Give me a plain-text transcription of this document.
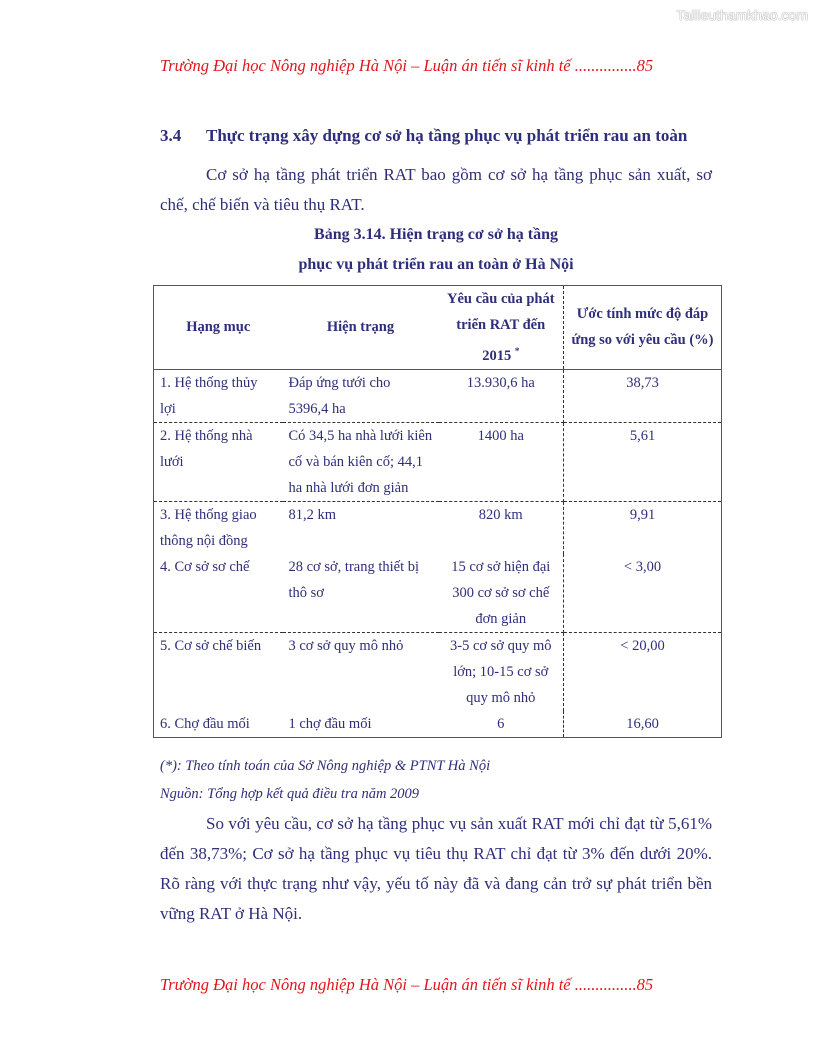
Tailieuthamkhao.com
Trường Đại học Nông nghiệp Hà Nội – Luận án tiến sĩ kinh tế ...............85
3.4 Thực trạng xây dựng cơ sở hạ tầng phục vụ phát triển rau an toàn
Cơ sở hạ tầng phát triển RAT bao gồm cơ sở hạ tầng phục sản xuất, sơ chế, chế biến và tiêu thụ RAT.
Bảng 3.14. Hiện trạng cơ sở hạ tầng
phục vụ phát triển rau an toàn ở Hà Nội
Hạng mục	Hiện trạng	Yêu cầu của phát triển RAT đến 2015 *	Ước tính mức độ đáp ứng so với yêu cầu (%)
1. Hệ thống thủy lợi	Đáp ứng tưới cho 5396,4 ha	13.930,6 ha	38,73
2. Hệ thống nhà lưới	Có 34,5 ha nhà lưới kiên cố và bán kiên cố; 44,1 ha nhà lưới đơn giản	1400 ha	5,61
3. Hệ thống giao thông nội đồng	81,2 km	820 km	9,91
4. Cơ sở sơ chế	28 cơ sở, trang thiết bị thô sơ	15 cơ sở hiện đại 300 cơ sở sơ chế đơn giản	< 3,00
5. Cơ sở chế biến	3 cơ sở quy mô nhỏ	3-5 cơ sở quy mô lớn; 10-15 cơ sở quy mô nhỏ	< 20,00
6. Chợ đầu mối	1 chợ đầu mối	6	16,60
(*): Theo tính toán của Sở Nông nghiệp & PTNT Hà Nội
Nguồn: Tổng hợp kết quả điều tra năm 2009
So với yêu cầu, cơ sở hạ tầng phục vụ sản xuất RAT mới chỉ đạt từ 5,61% đến 38,73%; Cơ sở hạ tầng phục vụ tiêu thụ RAT chỉ đạt từ 3% đến dưới 20%. Rõ ràng với thực trạng như vậy, yếu tố này đã và đang cản trở sự phát triển bền vững RAT ở Hà Nội.
Trường Đại học Nông nghiệp Hà Nội – Luận án tiến sĩ kinh tế ...............85
